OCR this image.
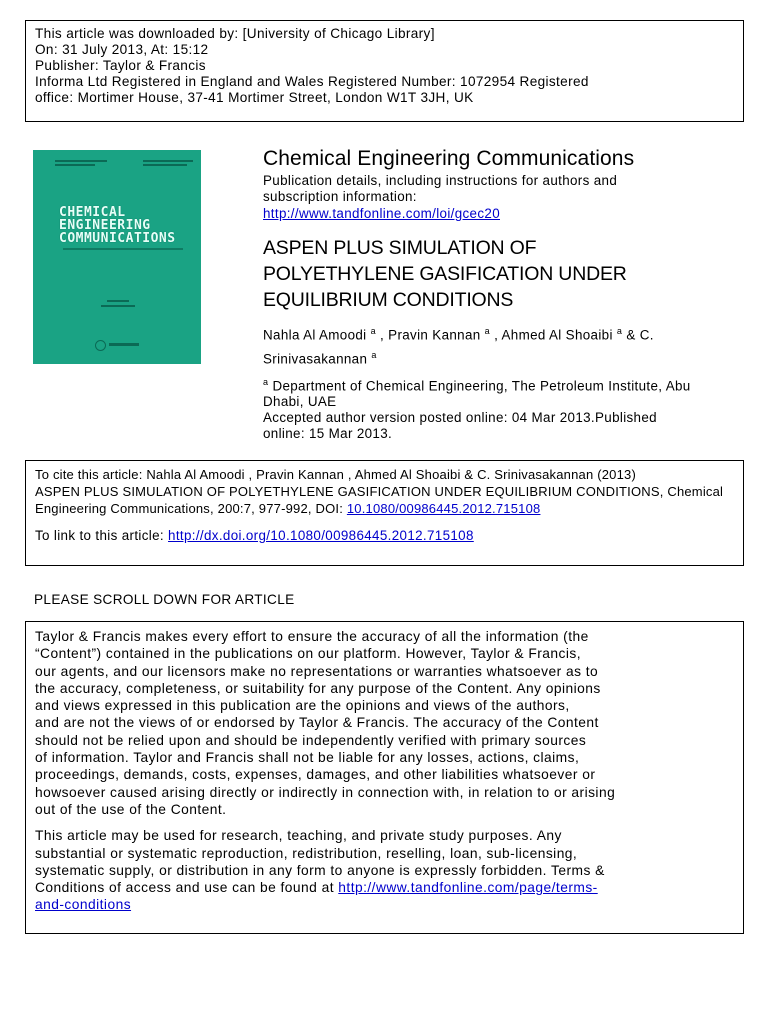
This article was downloaded by: [University of Chicago Library]
On: 31 July 2013, At: 15:12
Publisher: Taylor & Francis
Informa Ltd Registered in England and Wales Registered Number: 1072954 Registered
office: Mortimer House, 37-41 Mortimer Street, London W1T 3JH, UK
CHEMICAL
ENGINEERING
COMMUNICATIONS
Chemical Engineering Communications
Publication details, including instructions for authors and
subscription information:
http://www.tandfonline.com/loi/gcec20
ASPEN PLUS SIMULATION OF
POLYETHYLENE GASIFICATION UNDER
EQUILIBRIUM CONDITIONS
Nahla Al Amoodi $^a$ , Pravin Kannan $^a$ , Ahmed Al Shoaibi $^a$ & C.
Srinivasakannan $^a$
$^a$ Department of Chemical Engineering, The Petroleum Institute, Abu
Dhabi, UAE
Accepted author version posted online: 04 Mar 2013.Published
online: 15 Mar 2013.
To cite this article: Nahla Al Amoodi , Pravin Kannan , Ahmed Al Shoaibi & C. Srinivasakannan (2013)
ASPEN PLUS SIMULATION OF POLYETHYLENE GASIFICATION UNDER EQUILIBRIUM CONDITIONS, Chemical
Engineering Communications, 200:7, 977-992, DOI: 10.1080/00986445.2012.715108
To link to this article: http://dx.doi.org/10.1080/00986445.2012.715108
PLEASE SCROLL DOWN FOR ARTICLE

Taylor & Francis makes every effort to ensure the accuracy of all the information (the
“Content”) contained in the publications on our platform. However, Taylor & Francis,
our agents, and our licensors make no representations or warranties whatsoever as to
the accuracy, completeness, or suitability for any purpose of the Content. Any opinions
and views expressed in this publication are the opinions and views of the authors,
and are not the views of or endorsed by Taylor & Francis. The accuracy of the Content
should not be relied upon and should be independently verified with primary sources
of information. Taylor and Francis shall not be liable for any losses, actions, claims,
proceedings, demands, costs, expenses, damages, and other liabilities whatsoever or
howsoever caused arising directly or indirectly in connection with, in relation to or arising
out of the use of the Content.

This article may be used for research, teaching, and private study purposes. Any
substantial or systematic reproduction, redistribution, reselling, loan, sub-licensing,
systematic supply, or distribution in any form to anyone is expressly forbidden. Terms &
Conditions of access and use can be found at http://www.tandfonline.com/page/terms-
and-conditions
